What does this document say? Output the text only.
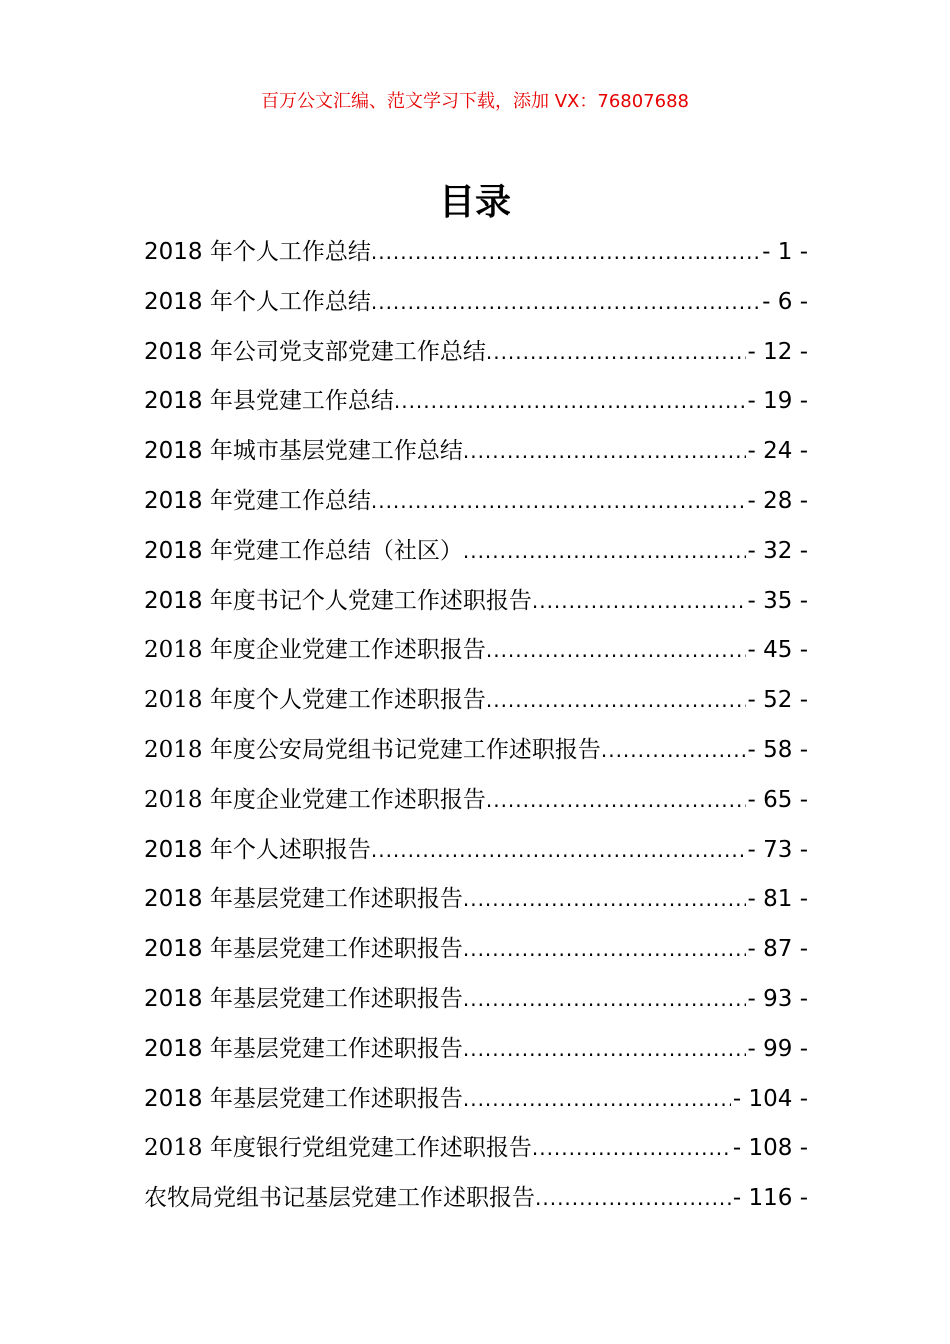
百万公文汇编、范文学习下载，添加 VX：76807688
目录
2018 年个人工作总结 .....	- 1 -
2018 年个人工作总结 .....	- 6 -
2018 年公司党支部党建工作总结 .....	- 12 -
2018 年县党建工作总结 .....	- 19 -
2018 年城市基层党建工作总结 .....	- 24 -
2018 年党建工作总结 .....	- 28 -
2018 年党建工作总结（社区） .....	- 32 -
2018 年度书记个人党建工作述职报告 .....	- 35 -
2018 年度企业党建工作述职报告 .....	- 45 -
2018 年度个人党建工作述职报告 .....	- 52 -
2018 年度公安局党组书记党建工作述职报告 .....	- 58 -
2018 年度企业党建工作述职报告 .....	- 65 -
2018 年个人述职报告 .....	- 73 -
2018 年基层党建工作述职报告 .....	- 81 -
2018 年基层党建工作述职报告 .....	- 87 -
2018 年基层党建工作述职报告 .....	- 93 -
2018 年基层党建工作述职报告 .....	- 99 -
2018 年基层党建工作述职报告 .....	- 104 -
2018 年度银行党组党建工作述职报告 .....	- 108 -
农牧局党组书记基层党建工作述职报告 .....	- 116 -
